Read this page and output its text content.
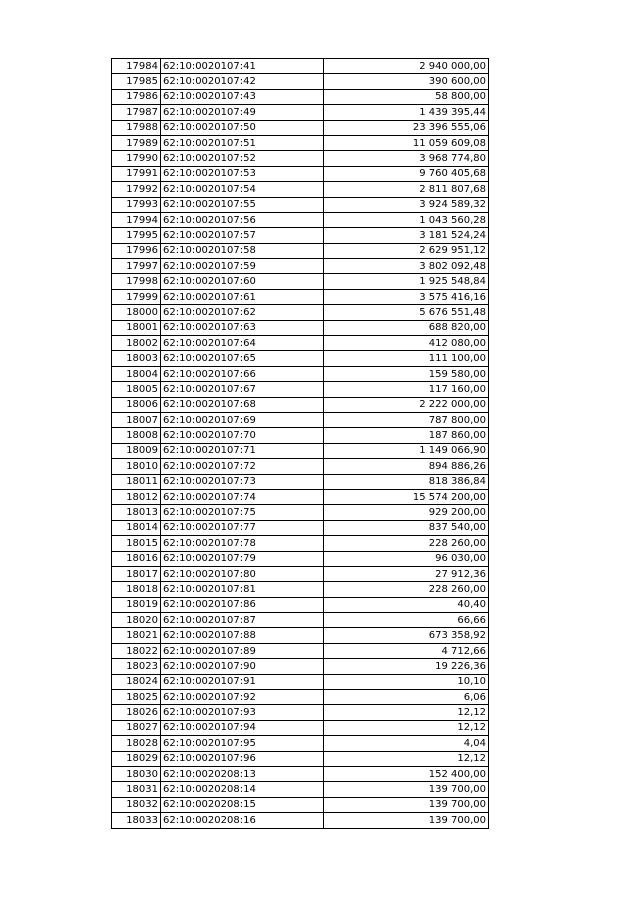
17984	62:10:0020107:41	2 940 000,00
17985	62:10:0020107:42	390 600,00
17986	62:10:0020107:43	58 800,00
17987	62:10:0020107:49	1 439 395,44
17988	62:10:0020107:50	23 396 555,06
17989	62:10:0020107:51	11 059 609,08
17990	62:10:0020107:52	3 968 774,80
17991	62:10:0020107:53	9 760 405,68
17992	62:10:0020107:54	2 811 807,68
17993	62:10:0020107:55	3 924 589,32
17994	62:10:0020107:56	1 043 560,28
17995	62:10:0020107:57	3 181 524,24
17996	62:10:0020107:58	2 629 951,12
17997	62:10:0020107:59	3 802 092,48
17998	62:10:0020107:60	1 925 548,84
17999	62:10:0020107:61	3 575 416,16
18000	62:10:0020107:62	5 676 551,48
18001	62:10:0020107:63	688 820,00
18002	62:10:0020107:64	412 080,00
18003	62:10:0020107:65	111 100,00
18004	62:10:0020107:66	159 580,00
18005	62:10:0020107:67	117 160,00
18006	62:10:0020107:68	2 222 000,00
18007	62:10:0020107:69	787 800,00
18008	62:10:0020107:70	187 860,00
18009	62:10:0020107:71	1 149 066,90
18010	62:10:0020107:72	894 886,26
18011	62:10:0020107:73	818 386,84
18012	62:10:0020107:74	15 574 200,00
18013	62:10:0020107:75	929 200,00
18014	62:10:0020107:77	837 540,00
18015	62:10:0020107:78	228 260,00
18016	62:10:0020107:79	96 030,00
18017	62:10:0020107:80	27 912,36
18018	62:10:0020107:81	228 260,00
18019	62:10:0020107:86	40,40
18020	62:10:0020107:87	66,66
18021	62:10:0020107:88	673 358,92
18022	62:10:0020107:89	4 712,66
18023	62:10:0020107:90	19 226,36
18024	62:10:0020107:91	10,10
18025	62:10:0020107:92	6,06
18026	62:10:0020107:93	12,12
18027	62:10:0020107:94	12,12
18028	62:10:0020107:95	4,04
18029	62:10:0020107:96	12,12
18030	62:10:0020208:13	152 400,00
18031	62:10:0020208:14	139 700,00
18032	62:10:0020208:15	139 700,00
18033	62:10:0020208:16	139 700,00
